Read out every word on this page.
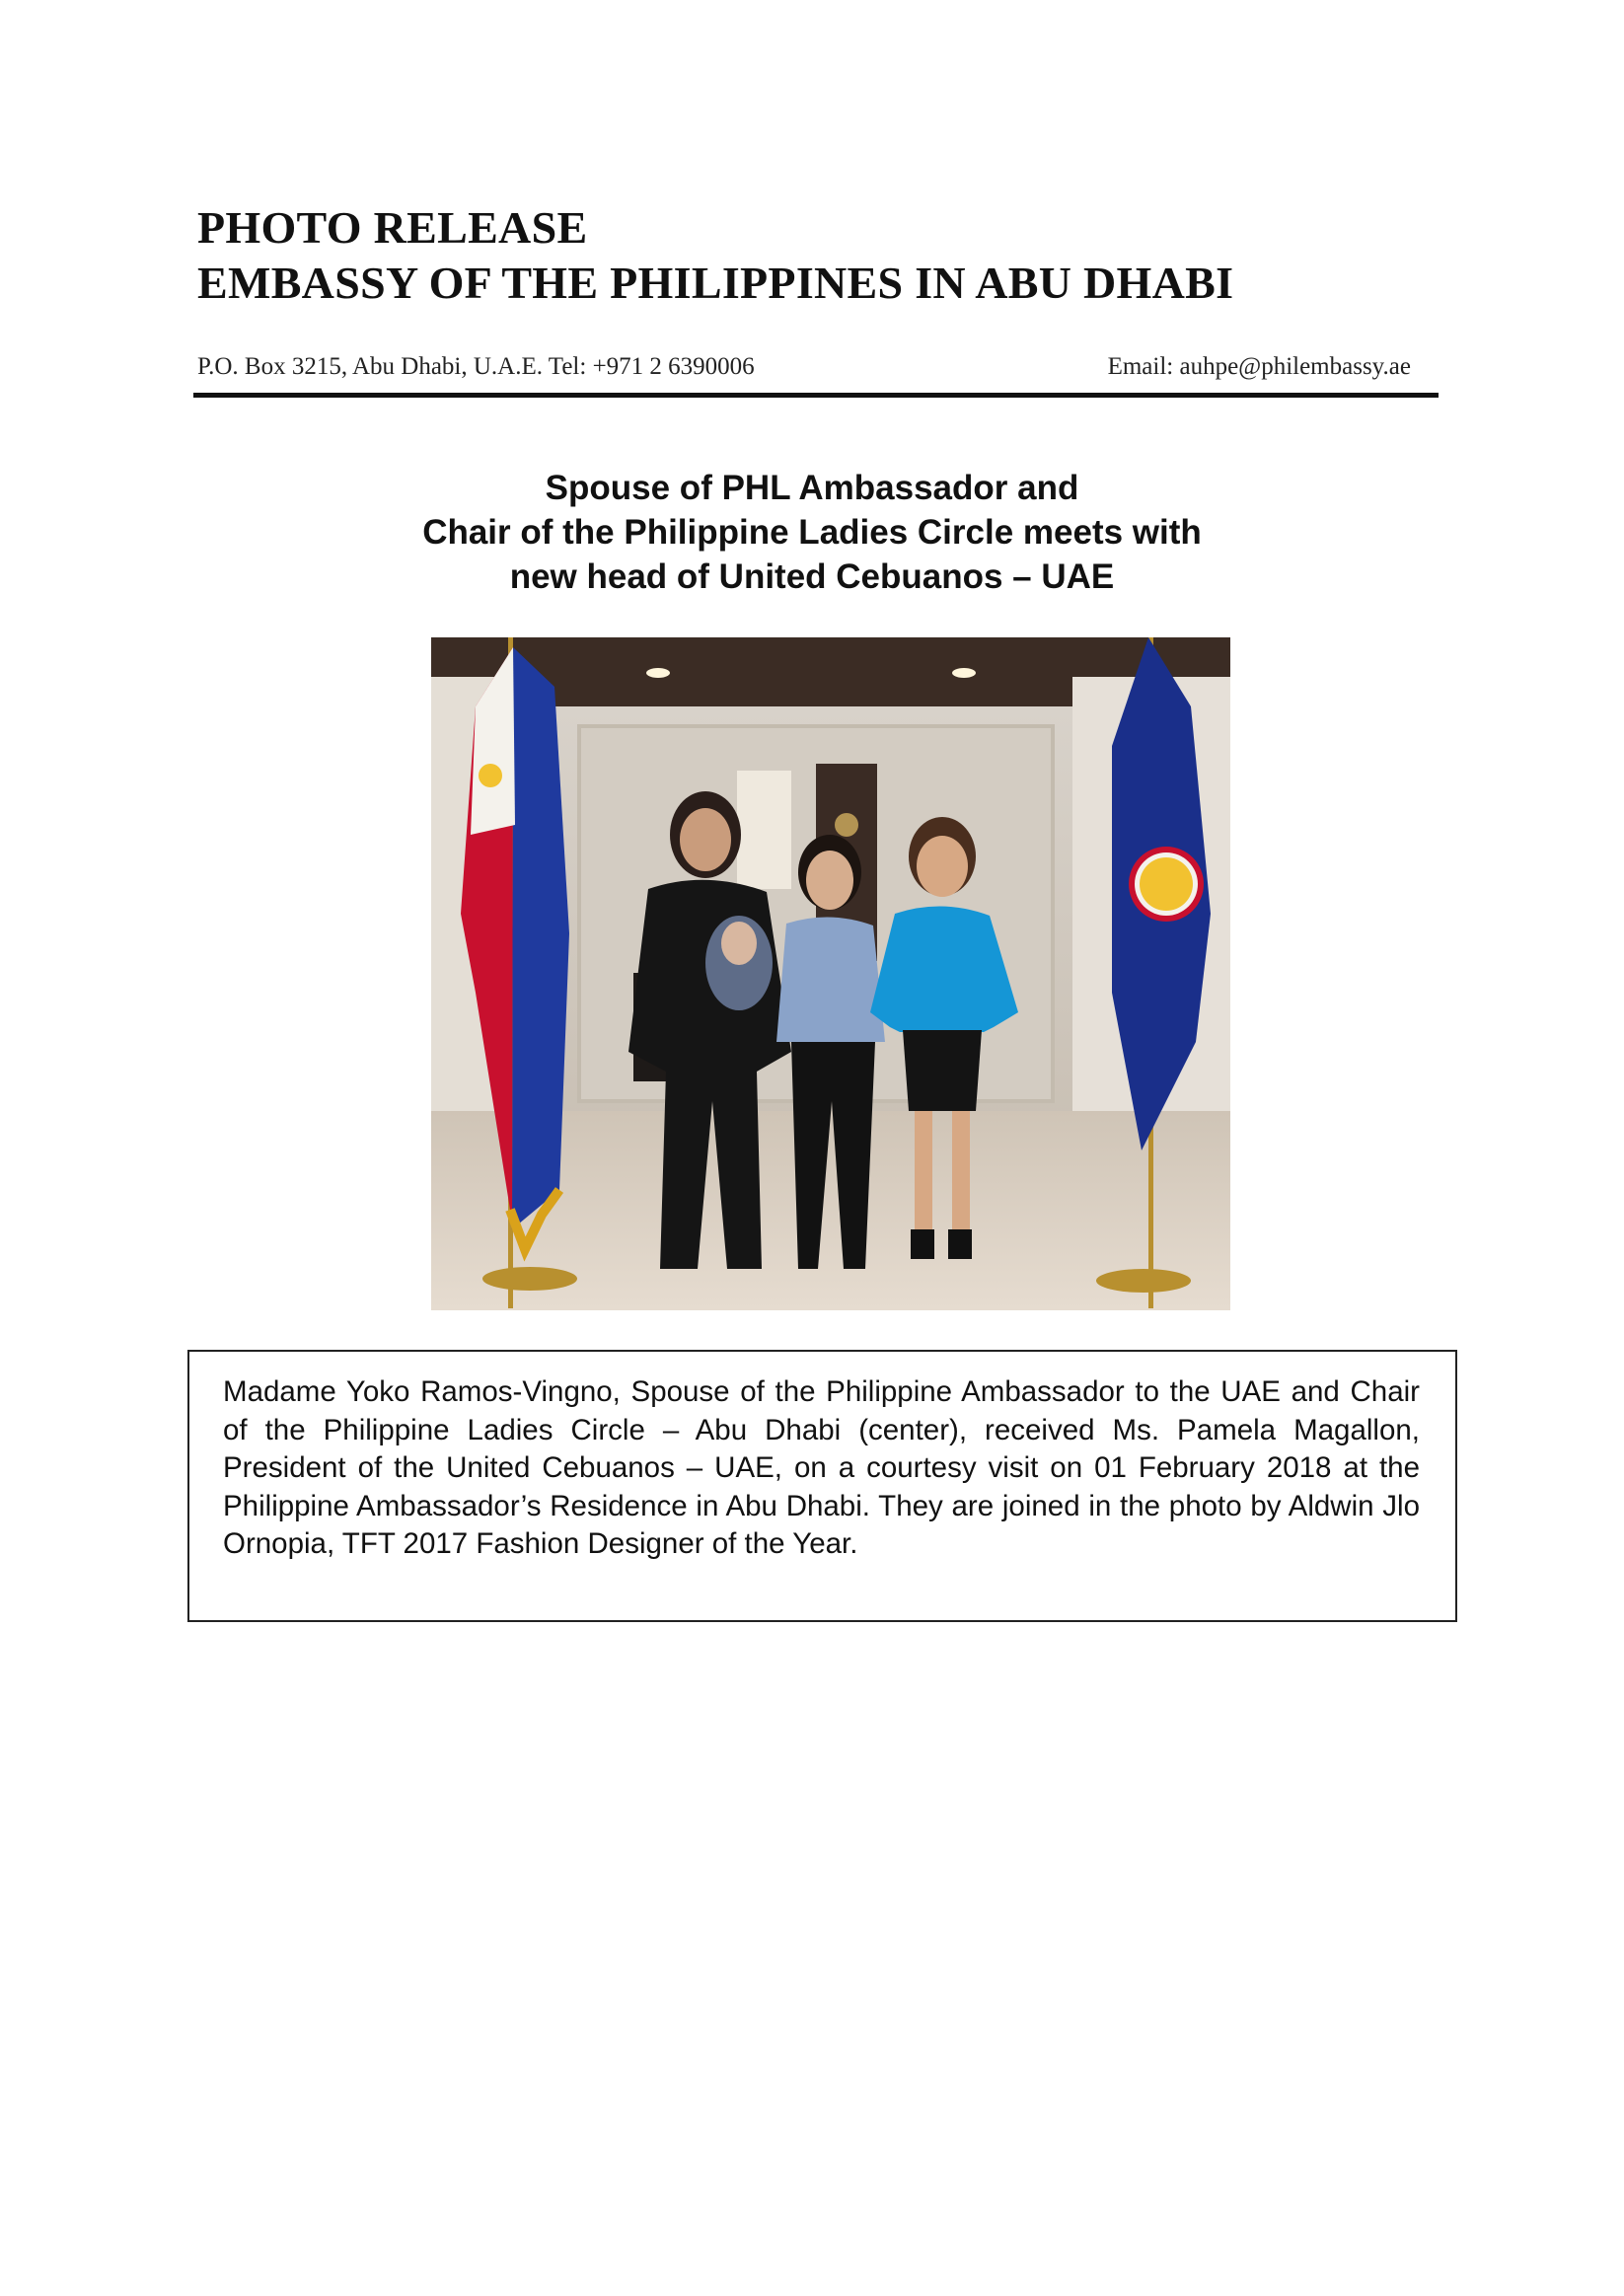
PHOTO RELEASE
EMBASSY OF THE PHILIPPINES IN ABU DHABI
P.O. Box 3215, Abu Dhabi, U.A.E. Tel: +971 2 6390006	Email: auhpe@philembassy.ae
Spouse of PHL Ambassador and
Chair of the Philippine Ladies Circle meets with
new head of United Cebuanos – UAE
Madame Yoko Ramos-Vingno, Spouse of the Philippine Ambassador to the UAE and Chair of the Philippine Ladies Circle – Abu Dhabi (center), received Ms. Pamela Magallon, President of the United Cebuanos – UAE, on a courtesy visit on 01 February 2018 at the Philippine Ambassador’s Residence in Abu Dhabi. They are joined in the photo by Aldwin Jlo Ornopia, TFT 2017 Fashion Designer of the Year.
